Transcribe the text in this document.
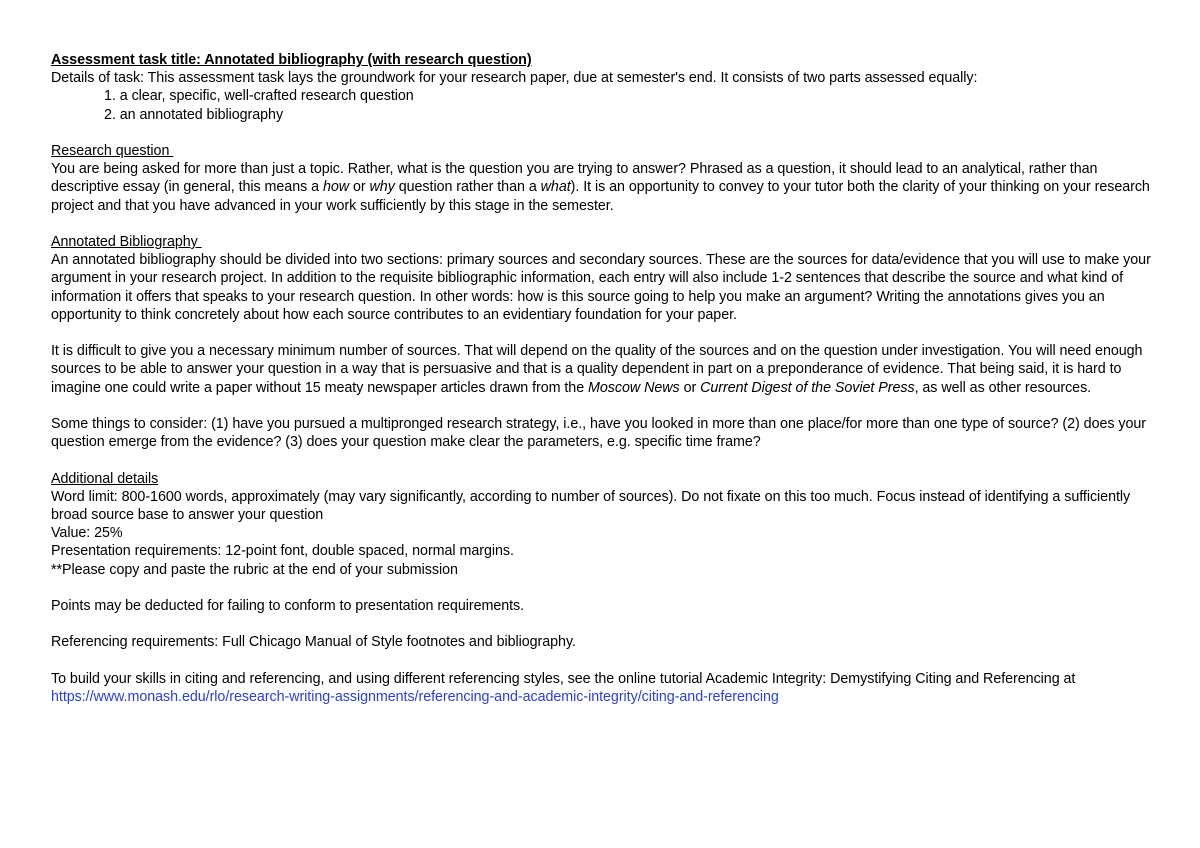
Assessment task title: Annotated bibliography (with research question)
Details of task: This assessment task lays the groundwork for your research paper, due at semester's end. It consists of two parts assessed equally:
1. a clear, specific, well-crafted research question
2. an annotated bibliography
Research question

You are being asked for more than just a topic. Rather, what is the question you are trying to answer? Phrased as a question, it should lead to an analytical, rather than descriptive essay (in general, this means a how or why question rather than a what). It is an opportunity to convey to your tutor both the clarity of your thinking on your research project and that you have advanced in your work sufficiently by this stage in the semester.

Annotated Bibliography

An annotated bibliography should be divided into two sections: primary sources and secondary sources. These are the sources for data/evidence that you will use to make your argument in your research project. In addition to the requisite bibliographic information, each entry will also include 1-2 sentences that describe the source and what kind of information it offers that speaks to your research question. In other words: how is this source going to help you make an argument? Writing the annotations gives you an opportunity to think concretely about how each source contributes to an evidentiary foundation for your paper.

It is difficult to give you a necessary minimum number of sources. That will depend on the quality of the sources and on the question under investigation. You will need enough sources to be able to answer your question in a way that is persuasive and that is a quality dependent in part on a preponderance of evidence. That being said, it is hard to imagine one could write a paper without 15 meaty newspaper articles drawn from the Moscow News or Current Digest of the Soviet Press, as well as other resources.

Some things to consider: (1) have you pursued a multipronged research strategy, i.e., have you looked in more than one place/for more than one type of source? (2) does your question emerge from the evidence? (3) does your question make clear the parameters, e.g. specific time frame?

Additional details

Word limit: 800-1600 words, approximately (may vary significantly, according to number of sources). Do not fixate on this too much. Focus instead of identifying a sufficiently broad source base to answer your question

Value: 25%
Presentation requirements: 12-point font, double spaced, normal margins.
**Please copy and paste the rubric at the end of your submission
Points may be deducted for failing to conform to presentation requirements.
Referencing requirements: Full Chicago Manual of Style footnotes and bibliography.

To build your skills in citing and referencing, and using different referencing styles, see the online tutorial Academic Integrity: Demystifying Citing and Referencing at https://www.monash.edu/rlo/research-writing-assignments/referencing-and-academic-integrity/citing-and-referencing
